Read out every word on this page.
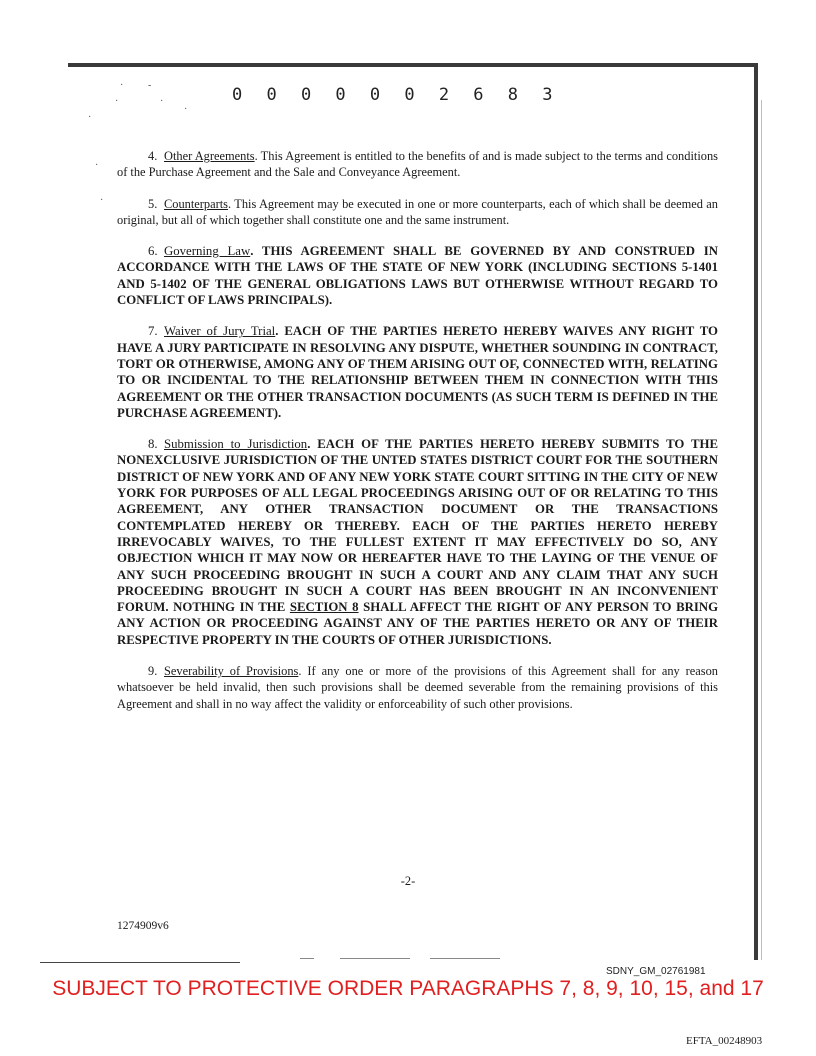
· -
·	·
·
·
·
·
0 0 0 0 0 0 2 6 8 3

4. Other Agreements. This Agreement is entitled to the benefits of and is made subject to the terms and conditions of the Purchase Agreement and the Sale and Conveyance Agreement.

5. Counterparts. This Agreement may be executed in one or more counterparts, each of which shall be deemed an original, but all of which together shall constitute one and the same instrument.

6. Governing Law. THIS AGREEMENT SHALL BE GOVERNED BY AND CONSTRUED IN ACCORDANCE WITH THE LAWS OF THE STATE OF NEW YORK (INCLUDING SECTIONS 5-1401 AND 5-1402 OF THE GENERAL OBLIGATIONS LAWS BUT OTHERWISE WITHOUT REGARD TO CONFLICT OF LAWS PRINCIPALS).

7. Waiver of Jury Trial. EACH OF THE PARTIES HERETO HEREBY WAIVES ANY RIGHT TO HAVE A JURY PARTICIPATE IN RESOLVING ANY DISPUTE, WHETHER SOUNDING IN CONTRACT, TORT OR OTHERWISE, AMONG ANY OF THEM ARISING OUT OF, CONNECTED WITH, RELATING TO OR INCIDENTAL TO THE RELATIONSHIP BETWEEN THEM IN CONNECTION WITH THIS AGREEMENT OR THE OTHER TRANSACTION DOCUMENTS (AS SUCH TERM IS DEFINED IN THE PURCHASE AGREEMENT).

8. Submission to Jurisdiction. EACH OF THE PARTIES HERETO HEREBY SUBMITS TO THE NONEXCLUSIVE JURISDICTION OF THE UNTED STATES DISTRICT COURT FOR THE SOUTHERN DISTRICT OF NEW YORK AND OF ANY NEW YORK STATE COURT SITTING IN THE CITY OF NEW YORK FOR PURPOSES OF ALL LEGAL PROCEEDINGS ARISING OUT OF OR RELATING TO THIS AGREEMENT, ANY OTHER TRANSACTION DOCUMENT OR THE TRANSACTIONS CONTEMPLATED HEREBY OR THEREBY. EACH OF THE PARTIES HERETO HEREBY IRREVOCABLY WAIVES, TO THE FULLEST EXTENT IT MAY EFFECTIVELY DO SO, ANY OBJECTION WHICH IT MAY NOW OR HEREAFTER HAVE TO THE LAYING OF THE VENUE OF ANY SUCH PROCEEDING BROUGHT IN SUCH A COURT AND ANY CLAIM THAT ANY SUCH PROCEEDING BROUGHT IN SUCH A COURT HAS BEEN BROUGHT IN AN INCONVENIENT FORUM. NOTHING IN THE SECTION 8 SHALL AFFECT THE RIGHT OF ANY PERSON TO BRING ANY ACTION OR PROCEEDING AGAINST ANY OF THE PARTIES HERETO OR ANY OF THEIR RESPECTIVE PROPERTY IN THE COURTS OF OTHER JURISDICTIONS.

9. Severability of Provisions. If any one or more of the provisions of this Agreement shall for any reason whatsoever be held invalid, then such provisions shall be deemed severable from the remaining provisions of this Agreement and shall in no way affect the validity or enforceability of such other provisions.

-2-
1274909v6
SDNY_GM_02761981
SUBJECT TO PROTECTIVE ORDER PARAGRAPHS 7, 8, 9, 10, 15, and 17
EFTA_00248903
